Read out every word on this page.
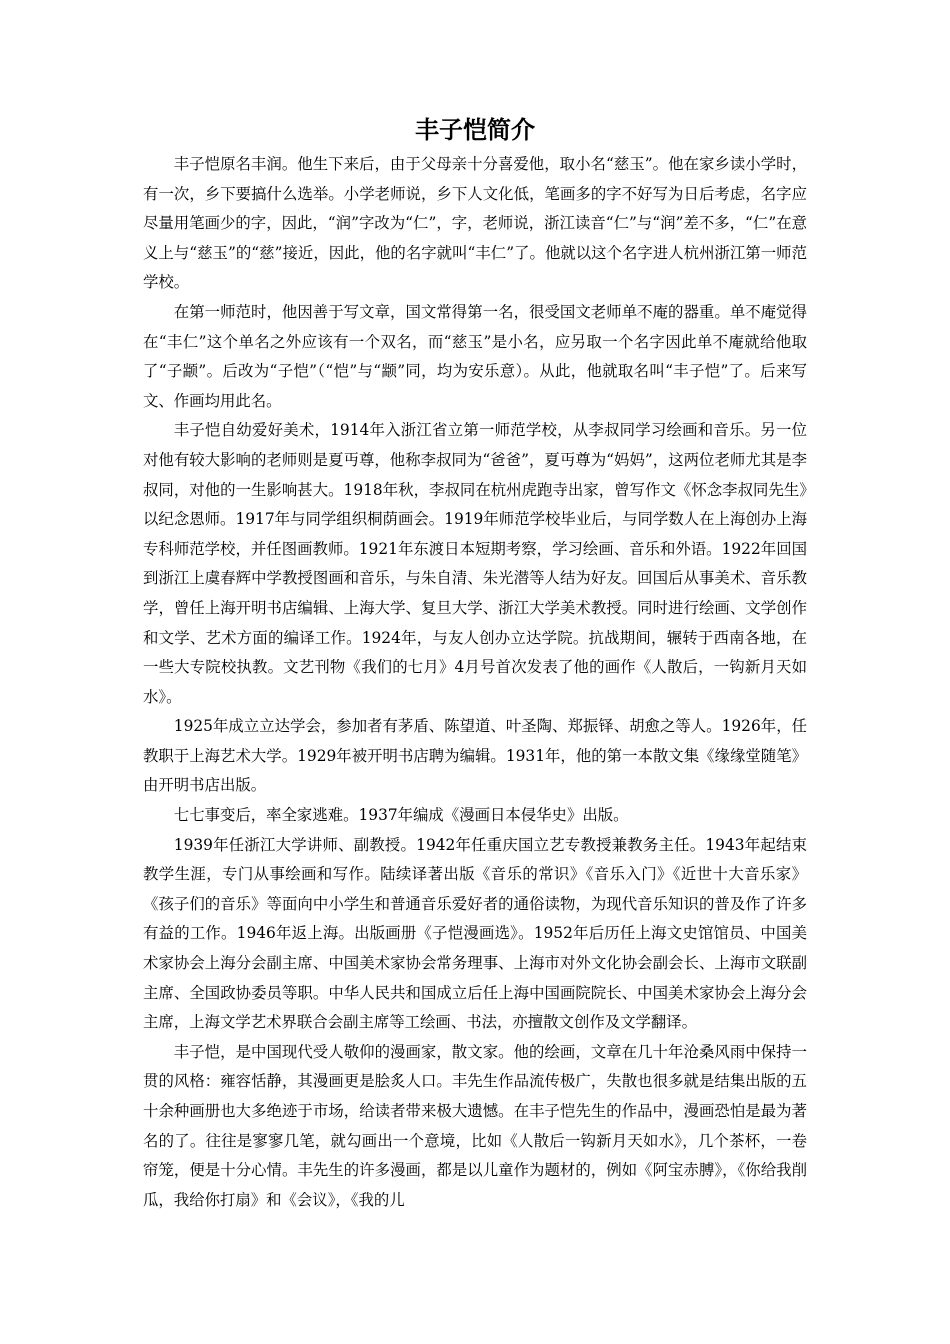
丰子恺简介

丰子恺原名丰润。他生下来后，由于父母亲十分喜爱他，取小名“慈玉”。他在家乡读小学时，有一次，乡下要搞什么选举。小学老师说，乡下人文化低，笔画多的字不好写为日后考虑，名字应尽量用笔画少的字，因此，“润”字改为“仁”，字，老师说，浙江读音“仁”与“润”差不多，“仁”在意义上与“慈玉”的“慈”接近，因此，他的名字就叫“丰仁”了。他就以这个名字进人杭州浙江第一师范学校。

在第一师范时，他因善于写文章，国文常得第一名，很受国文老师单不庵的器重。单不庵觉得在“丰仁”这个单名之外应该有一个双名，而“慈玉”是小名，应另取一个名字因此单不庵就给他取了“子颛”。后改为“子恺”（“恺”与“颛”同，均为安乐意）。从此，他就取名叫“丰子恺”了。后来写文、作画均用此名。

丰子恺自幼爱好美术，1914年入浙江省立第一师范学校，从李叔同学习绘画和音乐。另一位对他有较大影响的老师则是夏丏尊，他称李叔同为“爸爸”，夏丏尊为“妈妈”，这两位老师尤其是李叔同，对他的一生影响甚大。1918年秋，李叔同在杭州虎跑寺出家，曾写作文《怀念李叔同先生》以纪念恩师。1917年与同学组织桐荫画会。1919年师范学校毕业后，与同学数人在上海创办上海专科师范学校，并任图画教师。1921年东渡日本短期考察，学习绘画、音乐和外语。1922年回国到浙江上虞春辉中学教授图画和音乐，与朱自清、朱光潜等人结为好友。回国后从事美术、音乐教学，曾任上海开明书店编辑、上海大学、复旦大学、浙江大学美术教授。同时进行绘画、文学创作和文学、艺术方面的编译工作。1924年，与友人创办立达学院。抗战期间，辗转于西南各地，在一些大专院校执教。文艺刊物《我们的七月》4月号首次发表了他的画作《人散后，一钩新月天如水》。

1925年成立立达学会，参加者有茅盾、陈望道、叶圣陶、郑振铎、胡愈之等人。1926年，任教职于上海艺术大学。1929年被开明书店聘为编辑。1931年，他的第一本散文集《缘缘堂随笔》由开明书店出版。

七七事变后，率全家逃难。1937年编成《漫画日本侵华史》出版。

1939年任浙江大学讲师、副教授。1942年任重庆国立艺专教授兼教务主任。1943年起结束教学生涯，专门从事绘画和写作。陆续译著出版《音乐的常识》《音乐入门》《近世十大音乐家》《孩子们的音乐》等面向中小学生和普通音乐爱好者的通俗读物，为现代音乐知识的普及作了许多有益的工作。1946年返上海。出版画册《子恺漫画选》。1952年后历任上海文史馆馆员、中国美术家协会上海分会副主席、中国美术家协会常务理事、上海市对外文化协会副会长、上海市文联副主席、全国政协委员等职。中华人民共和国成立后任上海中国画院院长、中国美术家协会上海分会主席，上海文学艺术界联合会副主席等工绘画、书法，亦擅散文创作及文学翻译。

丰子恺，是中国现代受人敬仰的漫画家，散文家。他的绘画，文章在几十年沧桑风雨中保持一贯的风格：雍容恬静，其漫画更是脍炙人口。丰先生作品流传极广，失散也很多就是结集出版的五十余种画册也大多绝迹于市场，给读者带来极大遗憾。在丰子恺先生的作品中，漫画恐怕是最为著名的了。往往是寥寥几笔，就勾画出一个意境，比如《人散后一钩新月天如水》，几个茶杯，一卷帘笼，便是十分心情。丰先生的许多漫画，都是以儿童作为题材的，例如《阿宝赤膊》，《你给我削瓜，我给你打扇》和《会议》，《我的儿
